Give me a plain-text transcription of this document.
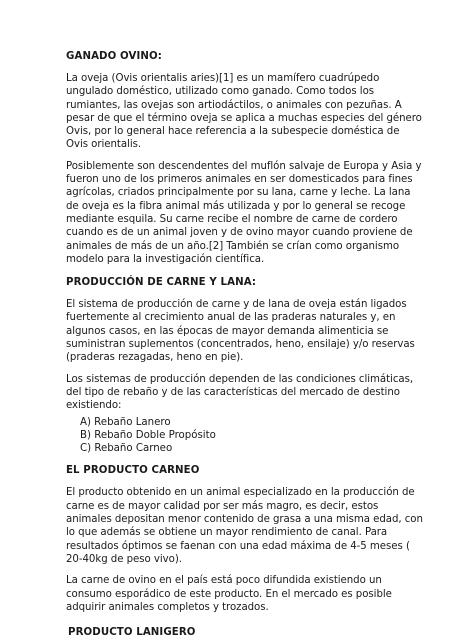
GANADO OVINO:

La oveja (Ovis orientalis aries)[1] es un mamífero cuadrúpedo ungulado doméstico, utilizado como ganado. Como todos los rumiantes, las ovejas son artiodáctilos, o animales con pezuñas. A pesar de que el término oveja se aplica a muchas especies del género Ovis, por lo general hace referencia a la subespecie doméstica de Ovis orientalis.

Posiblemente son descendentes del muflón salvaje de Europa y Asia y fueron uno de los primeros animales en ser domesticados para fines agrícolas, criados principalmente por su lana, carne y leche. La lana de oveja es la fibra animal más utilizada y por lo general se recoge mediante esquila. Su carne recibe el nombre de carne de cordero cuando es de un animal joven y de ovino mayor cuando proviene de animales de más de un año.[2] También se crían como organismo modelo para la investigación científica.

PRODUCCIÓN DE CARNE Y LANA:

El sistema de producción de carne y de lana de oveja están ligados fuertemente al crecimiento anual de las praderas naturales y, en algunos casos, en las épocas de mayor demanda alimenticia se suministran suplementos (concentrados, heno, ensilaje) y/o reservas (praderas rezagadas, heno en pie).

Los sistemas de producción dependen de las condiciones climáticas, del tipo de rebaño y de las características del mercado de destino existiendo:

A) Rebaño Lanero
B) Rebaño Doble Propósito
C) Rebaño Carneo
EL PRODUCTO CARNEO

El producto obtenido en un animal especializado en la producción de carne es de mayor calidad por ser más magro, es decir, estos animales depositan menor contenido de grasa a una misma edad, con lo que además se obtiene un mayor rendimiento de canal. Para resultados óptimos se faenan con una edad máxima de 4-5 meses ( 20-40kg de peso vivo).

La carne de ovino en el país está poco difundida existiendo un consumo esporádico de este producto. En el mercado es posible adquirir animales completos y trozados.

PRODUCTO LANIGERO
